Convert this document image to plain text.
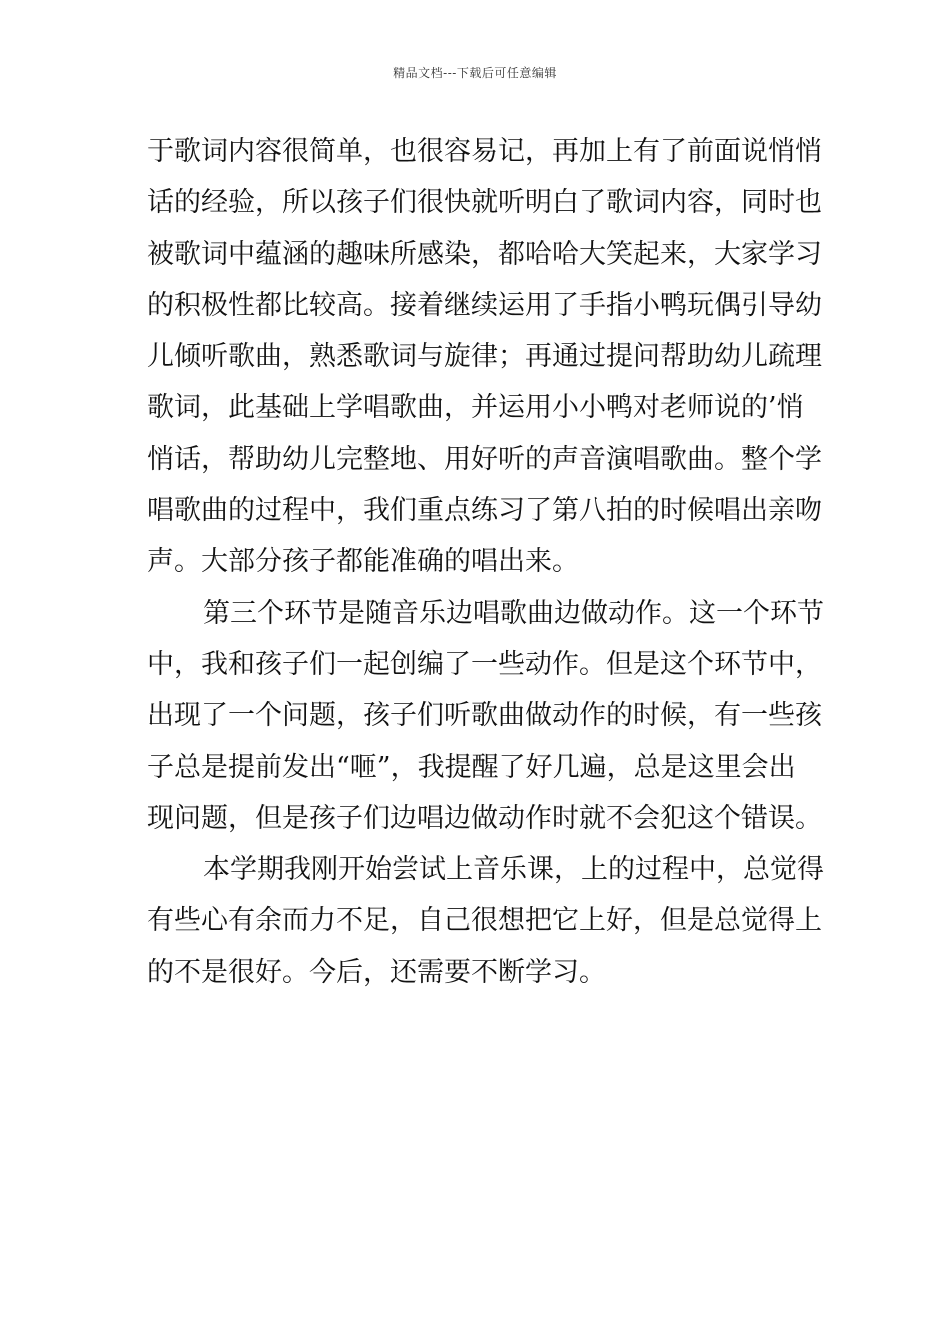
精品文档---下载后可任意编辑
于歌词内容很简单，也很容易记，再加上有了前面说悄悄
话的经验，所以孩子们很快就听明白了歌词内容，同时也
被歌词中蕴涵的趣味所感染，都哈哈大笑起来，大家学习
的积极性都比较高。接着继续运用了手指小鸭玩偶引导幼
儿倾听歌曲，熟悉歌词与旋律；再通过提问帮助幼儿疏理
歌词，此基础上学唱歌曲，并运用小小鸭对老师说的’悄
悄话，帮助幼儿完整地、用好听的声音演唱歌曲。整个学
唱歌曲的过程中，我们重点练习了第八拍的时候唱出亲吻
声。大部分孩子都能准确的唱出来。
第三个环节是随音乐边唱歌曲边做动作。这一个环节
中，我和孩子们一起创编了一些动作。但是这个环节中，
出现了一个问题，孩子们听歌曲做动作的时候，有一些孩
子总是提前发出“咂”，我提醒了好几遍，总是这里会出
现问题，但是孩子们边唱边做动作时就不会犯这个错误。
本学期我刚开始尝试上音乐课，上的过程中，总觉得
有些心有余而力不足，自己很想把它上好，但是总觉得上
的不是很好。今后，还需要不断学习。
